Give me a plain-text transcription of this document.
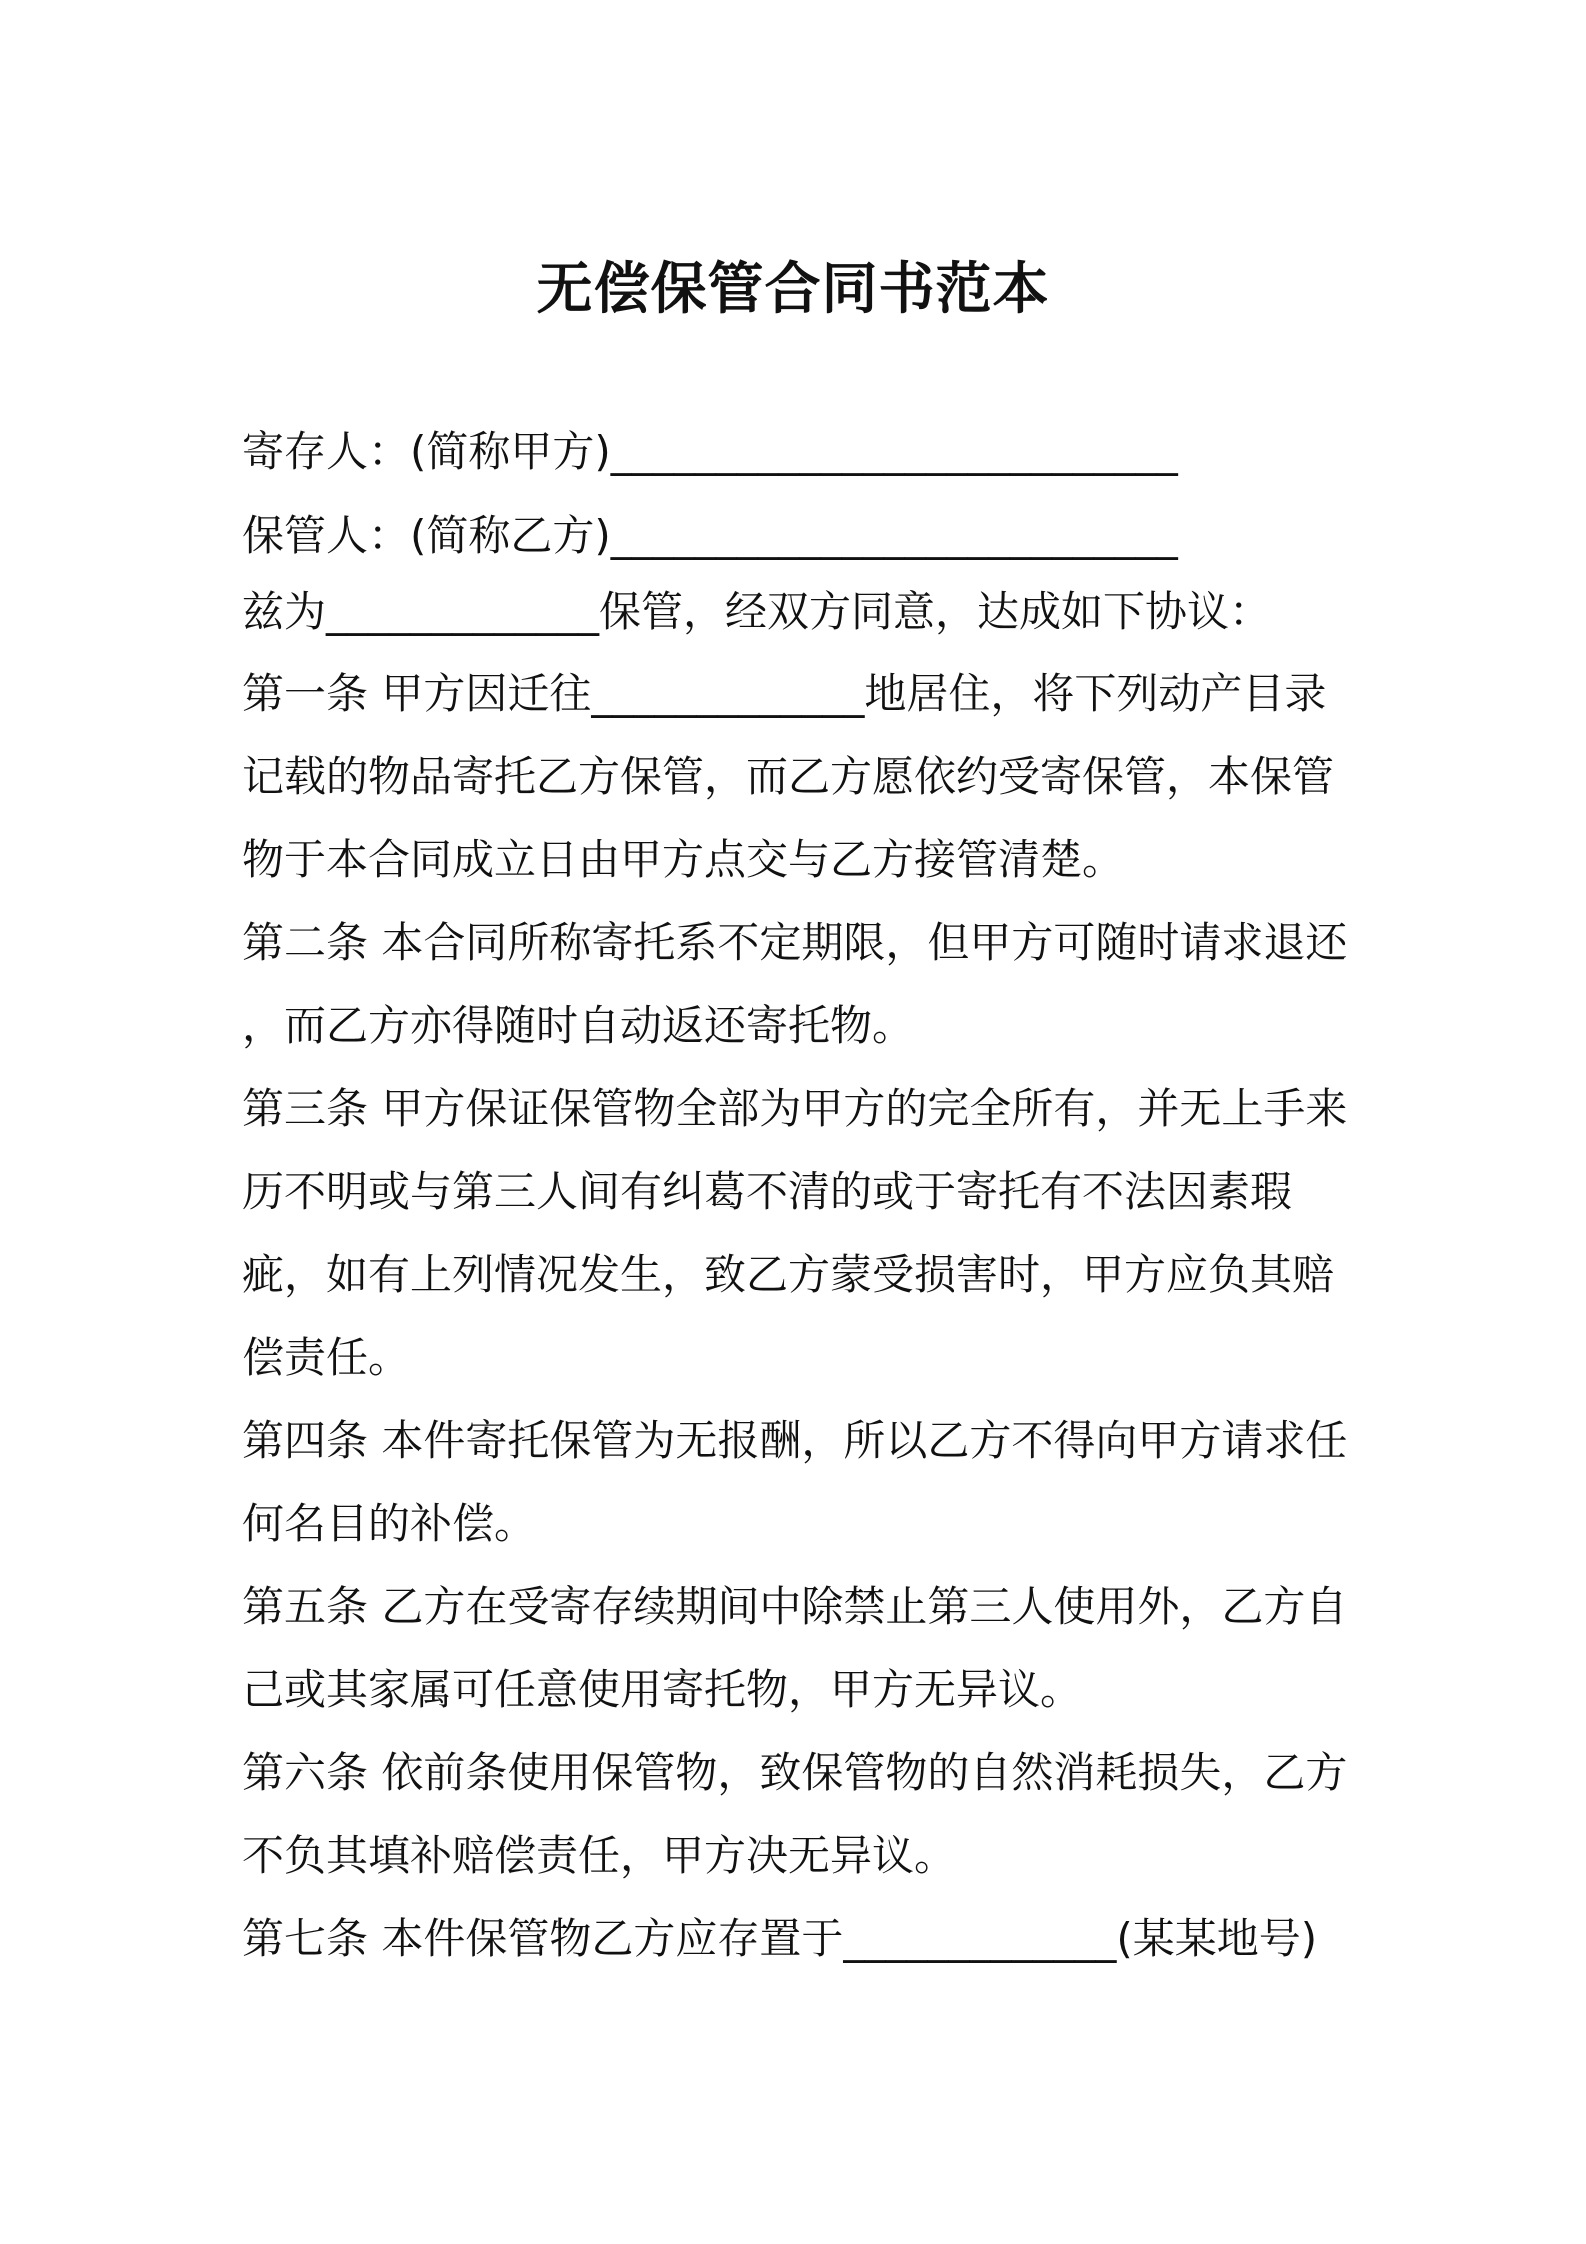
无偿保管合同书范本
寄存人：(简称甲方)___________________________
保管人：(简称乙方)___________________________
兹为_____________保管，经双方同意，达成如下协议：
第一条 甲方因迁往_____________地居住，将下列动产目录
记载的物品寄托乙方保管，而乙方愿依约受寄保管，本保管
物于本合同成立日由甲方点交与乙方接管清楚。
第二条 本合同所称寄托系不定期限，但甲方可随时请求退还
，而乙方亦得随时自动返还寄托物。
第三条 甲方保证保管物全部为甲方的完全所有，并无上手来
历不明或与第三人间有纠葛不清的或于寄托有不法因素瑕
疵，如有上列情况发生，致乙方蒙受损害时，甲方应负其赔
偿责任。
第四条 本件寄托保管为无报酬，所以乙方不得向甲方请求任
何名目的补偿。
第五条 乙方在受寄存续期间中除禁止第三人使用外，乙方自
己或其家属可任意使用寄托物，甲方无异议。
第六条 依前条使用保管物，致保管物的自然消耗损失，乙方
不负其填补赔偿责任，甲方决无异议。
第七条 本件保管物乙方应存置于_____________(某某地号)
